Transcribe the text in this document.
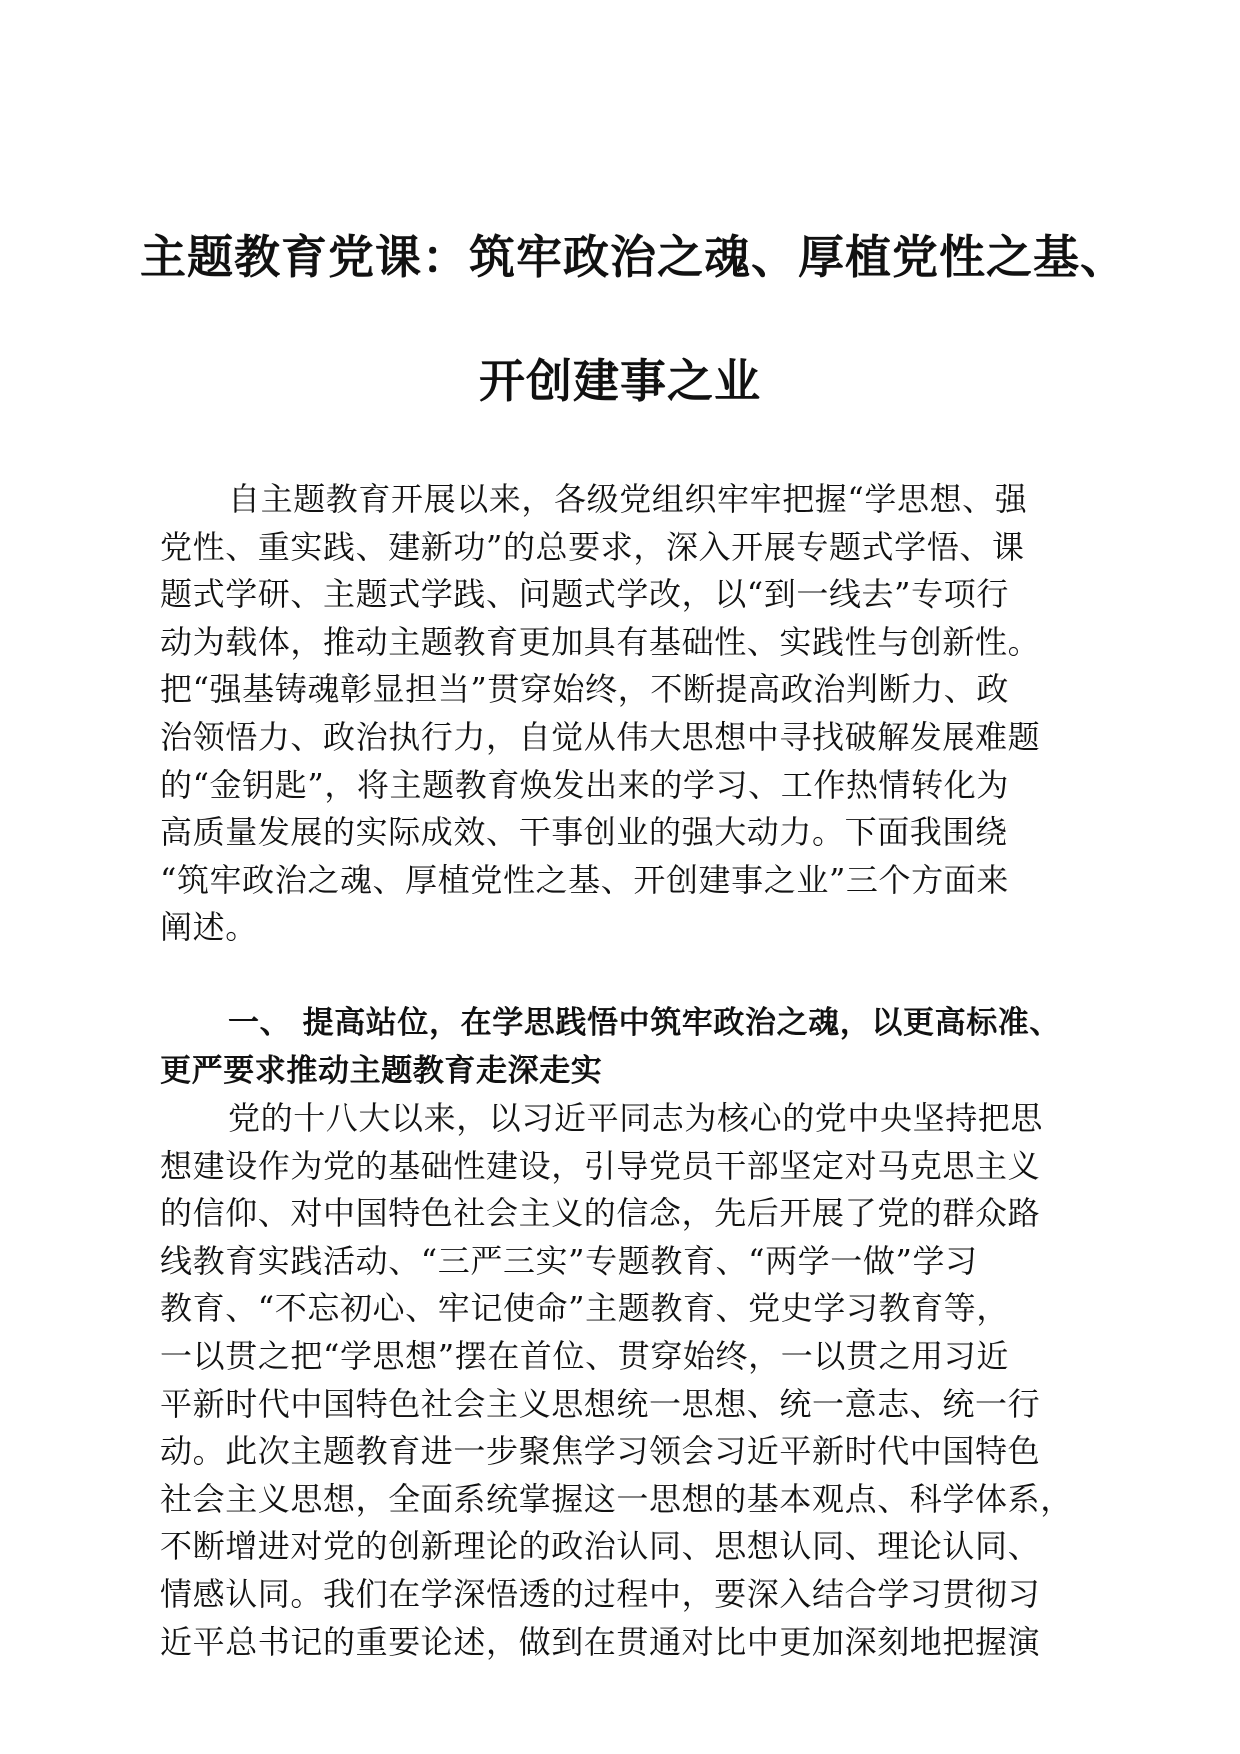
主题教育党课：筑牢政治之魂、厚植党性之基、
开创建事之业
自主题教育开展以来，各级党组织牢牢把握“学思想、强
党性、重实践、建新功”的总要求，深入开展专题式学悟、课
题式学研、主题式学践、问题式学改，以“到一线去”专项行
动为载体，推动主题教育更加具有基础性、实践性与创新性。
把“强基铸魂彰显担当”贯穿始终，不断提高政治判断力、政
治领悟力、政治执行力，自觉从伟大思想中寻找破解发展难题
的“金钥匙”，将主题教育焕发出来的学习、工作热情转化为
高质量发展的实际成效、干事创业的强大动力。下面我围绕
“筑牢政治之魂、厚植党性之基、开创建事之业”三个方面来
阐述。
一、 提高站位，在学思践悟中筑牢政治之魂，以更高标准、
更严要求推动主题教育走深走实
党的十八大以来，以习近平同志为核心的党中央坚持把思
想建设作为党的基础性建设，引导党员干部坚定对马克思主义
的信仰、对中国特色社会主义的信念，先后开展了党的群众路
线教育实践活动、“三严三实”专题教育、“两学一做”学习
教育、“不忘初心、牢记使命”主题教育、党史学习教育等，
一以贯之把“学思想”摆在首位、贯穿始终，一以贯之用习近
平新时代中国特色社会主义思想统一思想、统一意志、统一行
动。此次主题教育进一步聚焦学习领会习近平新时代中国特色
社会主义思想，全面系统掌握这一思想的基本观点、科学体系，
不断增进对党的创新理论的政治认同、思想认同、理论认同、
情感认同。我们在学深悟透的过程中，要深入结合学习贯彻习
近平总书记的重要论述，做到在贯通对比中更加深刻地把握演
